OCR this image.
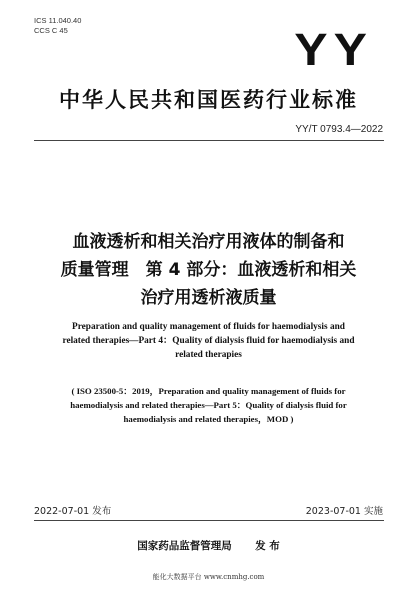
ICS 11.040.40
CCS C 45	YY
中华人民共和国医药行业标准
YY/T 0793.4—2022
血液透析和相关治疗用液体的制备和
质量管理　第 4 部分：血液透析和相关
治疗用透析液质量
Preparation and quality management of fluids for haemodialysis and
related therapies—Part 4：Quality of dialysis fluid for haemodialysis and
related therapies
( ISO 23500-5：2019，Preparation and quality management of fluids for
haemodialysis and related therapies—Part 5：Quality of dialysis fluid for
haemodialysis and related therapies，MOD )
2022-07-01 发布	2023-07-01 实施
国家药品监督管理局 发 布
能化大数据平台 www.cnmhg.com
